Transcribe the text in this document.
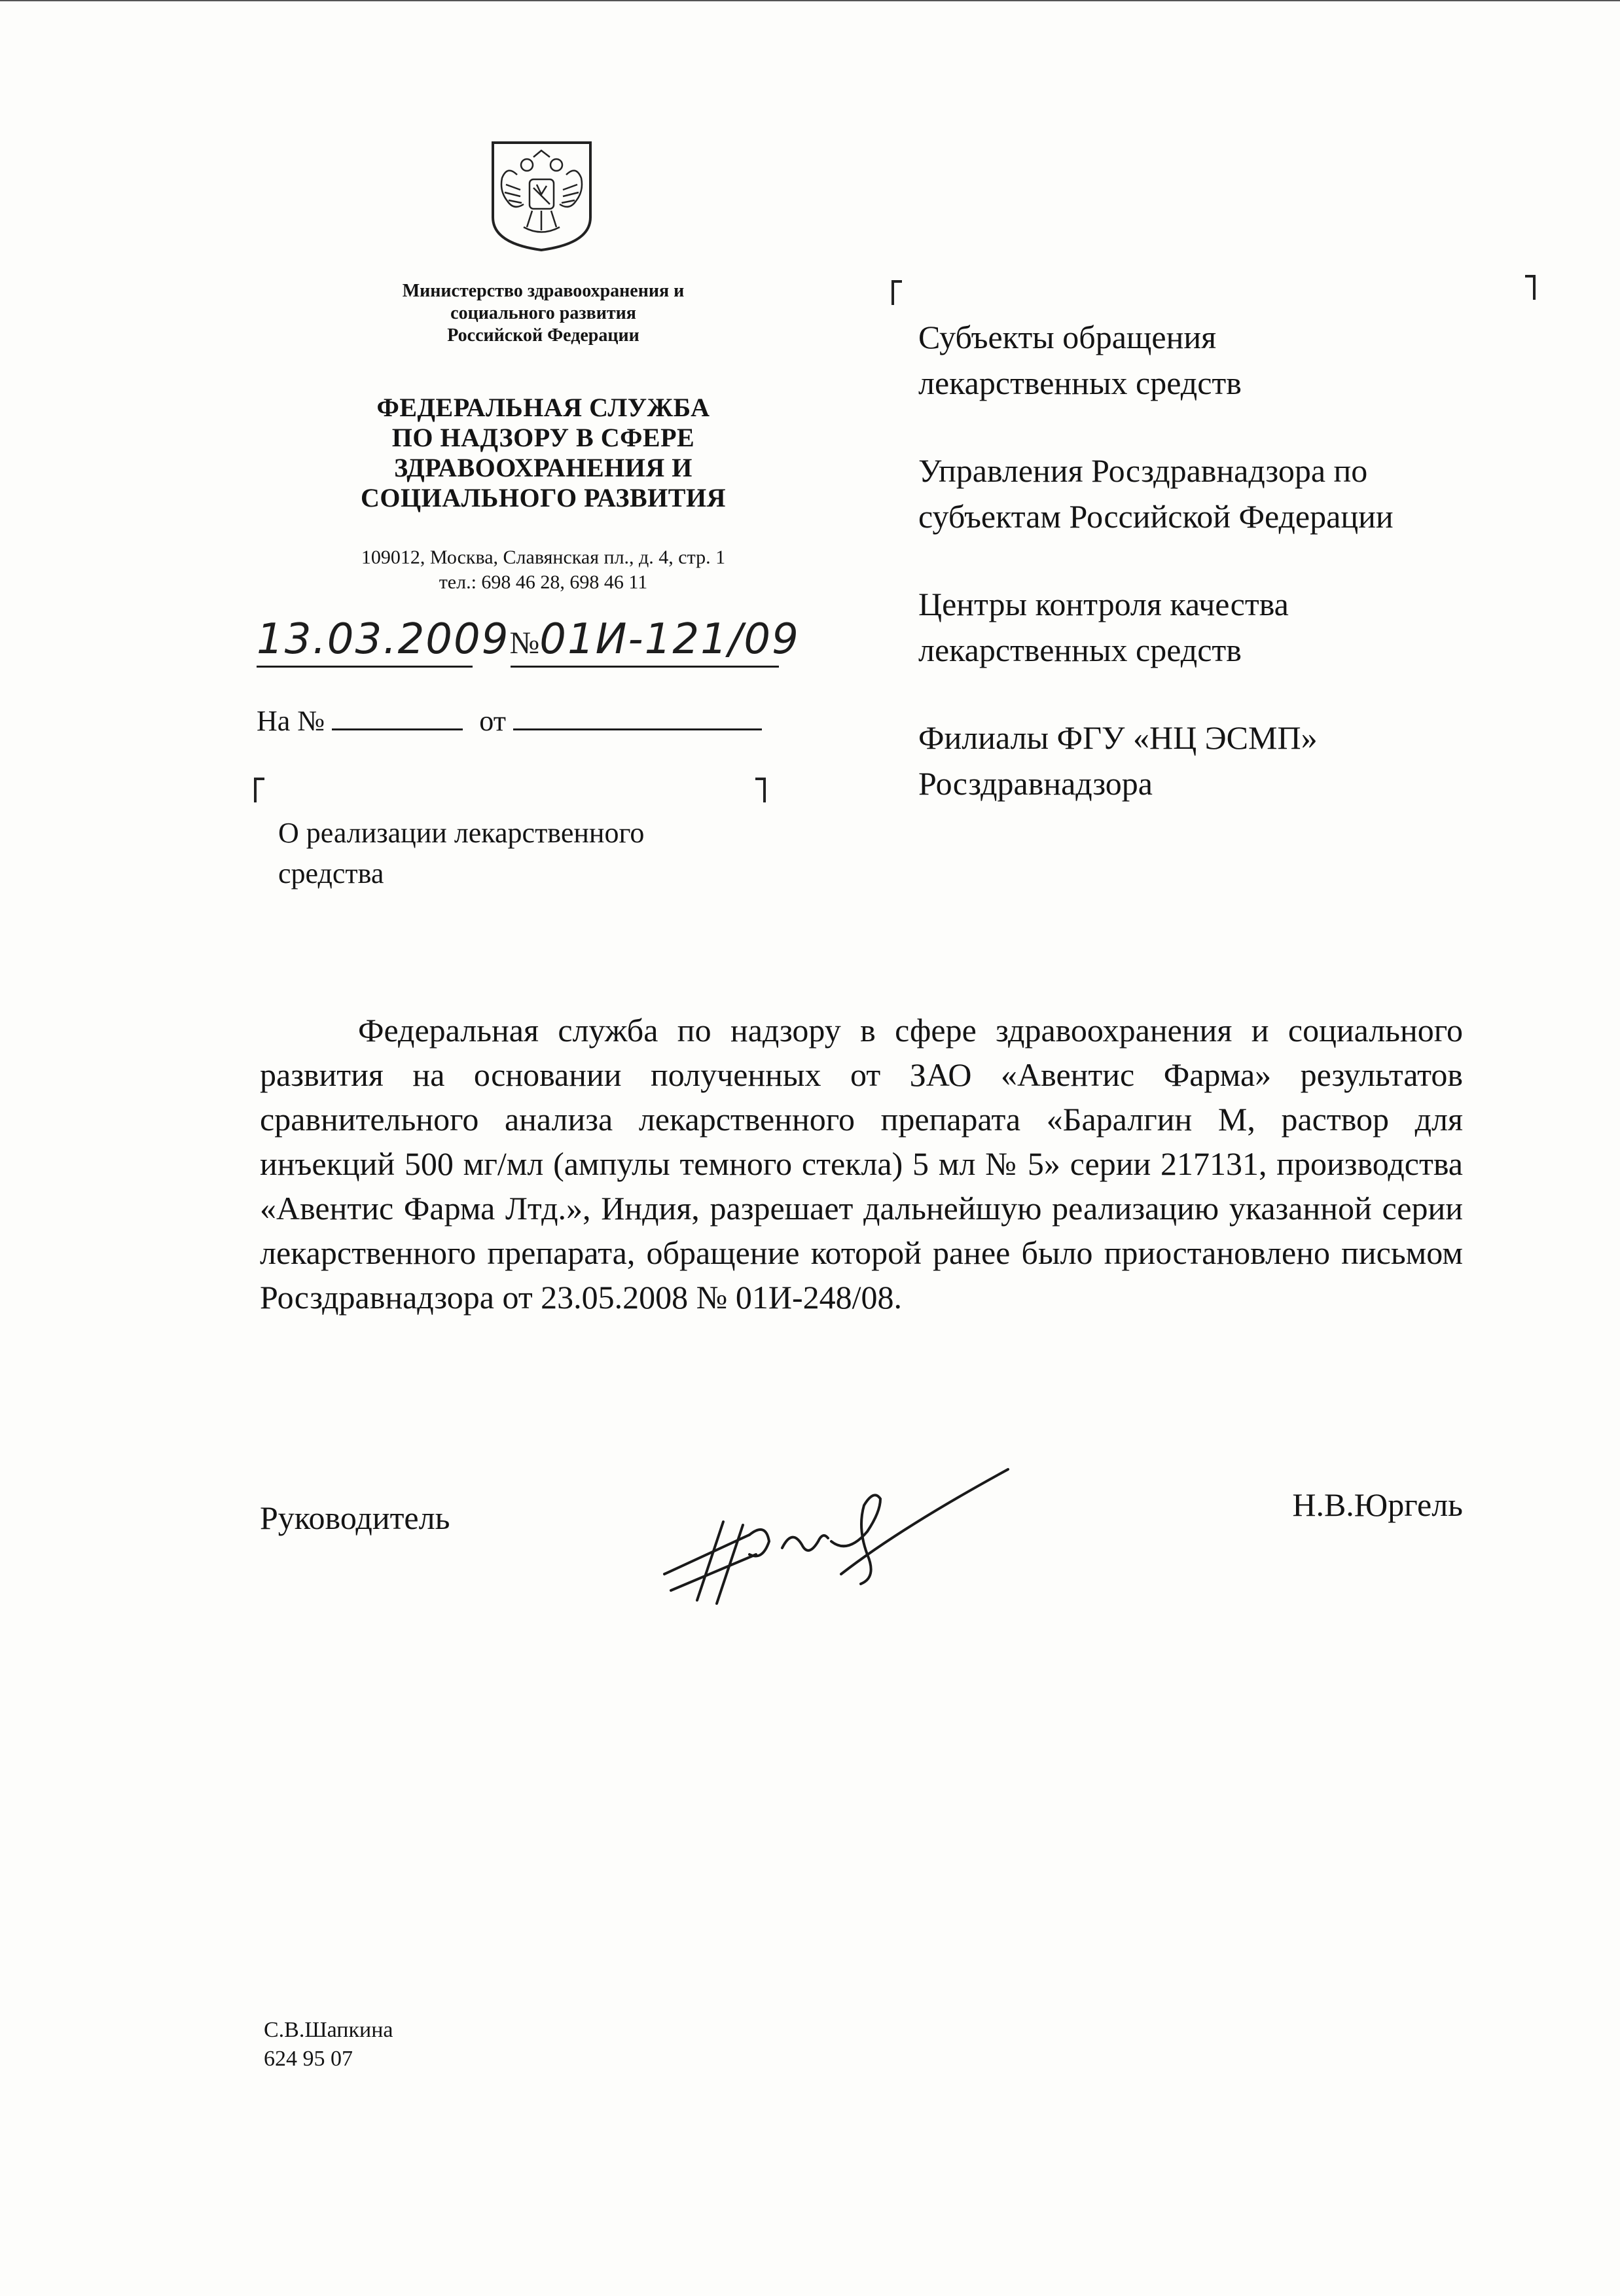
Министерство здравоохранения и
социального развития
Российской Федерации
ФЕДЕРАЛЬНАЯ СЛУЖБА
ПО НАДЗОРУ В СФЕРЕ
ЗДРАВООХРАНЕНИЯ И
СОЦИАЛЬНОГО РАЗВИТИЯ
109012, Москва, Славянская пл., д. 4, стр. 1
тел.: 698 46 28, 698 46 11
13.03.2009№01И-121/09
На №	от
О реализации лекарственного
средства
Субъекты обращения
лекарственных средств
Управления Росздравнадзора по
субъектам Российской Федерации
Центры контроля качества
лекарственных средств
Филиалы ФГУ «НЦ ЭСМП»
Росздравнадзора
Федеральная служба по надзору в сфере здравоохранения и социального развития на основании полученных от ЗАО «Авентис Фарма» результатов сравнительного анализа лекарственного препарата «Баралгин М, раствор для инъекций 500 мг/мл (ампулы темного стекла) 5 мл № 5» серии 217131, производства «Авентис Фарма Лтд.», Индия, разрешает дальнейшую реализацию указанной серии лекарственного препарата, обращение которой ранее было приостановлено письмом Росздравнадзора от 23.05.2008 № 01И-248/08.
Руководитель	Н.В.Юргель
С.В.Шапкина
624 95 07
